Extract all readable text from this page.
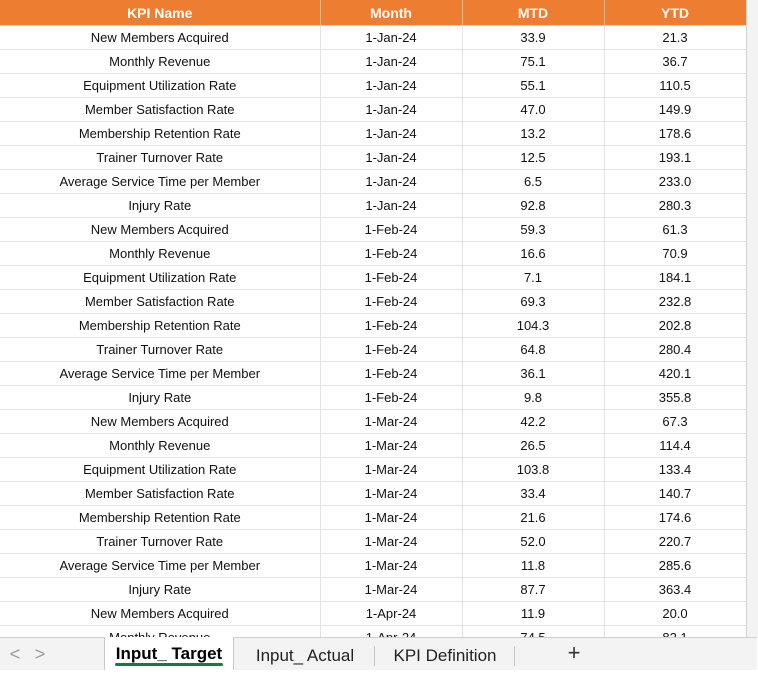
KPI Name	Month	MTD	YTD
New Members Acquired	1-Jan-24	33.9	21.3
Monthly Revenue	1-Jan-24	75.1	36.7
Equipment Utilization Rate	1-Jan-24	55.1	110.5
Member Satisfaction Rate	1-Jan-24	47.0	149.9
Membership Retention Rate	1-Jan-24	13.2	178.6
Trainer Turnover Rate	1-Jan-24	12.5	193.1
Average Service Time per Member	1-Jan-24	6.5	233.0
Injury Rate	1-Jan-24	92.8	280.3
New Members Acquired	1-Feb-24	59.3	61.3
Monthly Revenue	1-Feb-24	16.6	70.9
Equipment Utilization Rate	1-Feb-24	7.1	184.1
Member Satisfaction Rate	1-Feb-24	69.3	232.8
Membership Retention Rate	1-Feb-24	104.3	202.8
Trainer Turnover Rate	1-Feb-24	64.8	280.4
Average Service Time per Member	1-Feb-24	36.1	420.1
Injury Rate	1-Feb-24	9.8	355.8
New Members Acquired	1-Mar-24	42.2	67.3
Monthly Revenue	1-Mar-24	26.5	114.4
Equipment Utilization Rate	1-Mar-24	103.8	133.4
Member Satisfaction Rate	1-Mar-24	33.4	140.7
Membership Retention Rate	1-Mar-24	21.6	174.6
Trainer Turnover Rate	1-Mar-24	52.0	220.7
Average Service Time per Member	1-Mar-24	11.8	285.6
Injury Rate	1-Mar-24	87.7	363.4
New Members Acquired	1-Apr-24	11.9	20.0

< >	Input_ Target	Input_ Actual	KPI Definition	+
